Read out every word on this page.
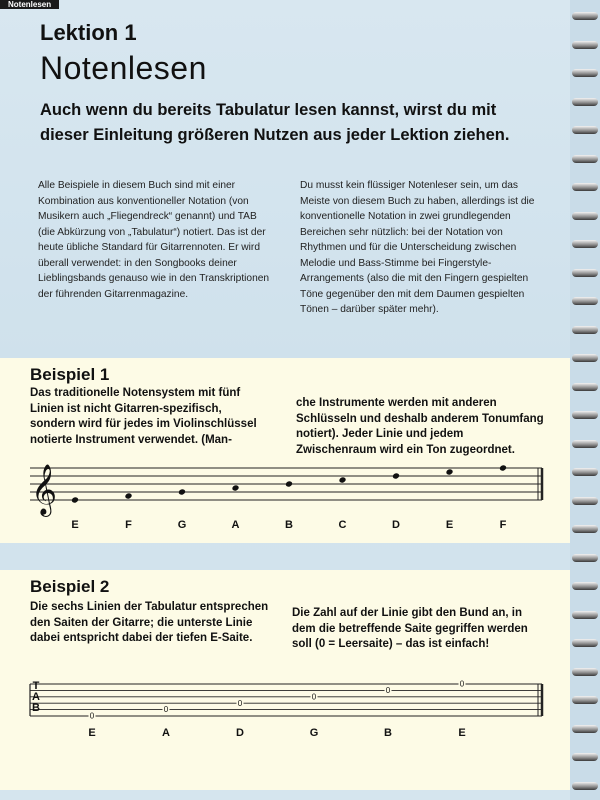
Notenlesen
Lektion 1
Notenlesen
Auch wenn du bereits Tabulatur lesen kannst, wirst du mit dieser Einleitung größeren Nutzen aus jeder Lektion ziehen.
Alle Beispiele in diesem Buch sind mit einer Kombination aus konventioneller Notation (von Musikern auch „Fliegendreck“ genannt) und TAB (die Abkürzung von „Tabulatur“) notiert. Das ist der heute übliche Standard für Gitarrennoten. Er wird überall verwendet: in den Songbooks deiner Lieblingsbands genauso wie in den Transkriptionen der führenden Gitarrenmagazine.
Du musst kein flüssiger Notenleser sein, um das Meiste von diesem Buch zu haben, allerdings ist die konventionelle Notation in zwei grundlegenden Bereichen sehr nützlich: bei der Notation von Rhythmen und für die Unterscheidung zwischen Melodie und Bass-Stimme bei Fingerstyle-Arrangements (also die mit den Fingern gespielten Töne gegenüber den mit dem Daumen gespielten Tönen – darüber später mehr).
Beispiel 1
Das traditionelle Notensystem mit fünf Linien ist nicht Gitarren-spezifisch, sondern wird für jedes im Violinschlüssel notierte Instrument verwendet. (Man-
che Instrumente werden mit anderen Schlüsseln und deshalb anderem Tonumfang notiert). Jeder Linie und jedem Zwischenraum wird ein Ton zugeordnet.
𝄞
E	F	G	A	B	C	D	E	F
Beispiel 2
Die sechs Linien der Tabulatur entsprechen den Saiten der Gitarre; die unterste Linie dabei entspricht dabei der tiefen E-Saite.
Die Zahl auf der Linie gibt den Bund an, in dem die betreffende Saite gegriffen werden soll (0 = Leersaite) – das ist einfach!
T
A
B
0
E
0
A
0
D
0
G
0
B
0
E
